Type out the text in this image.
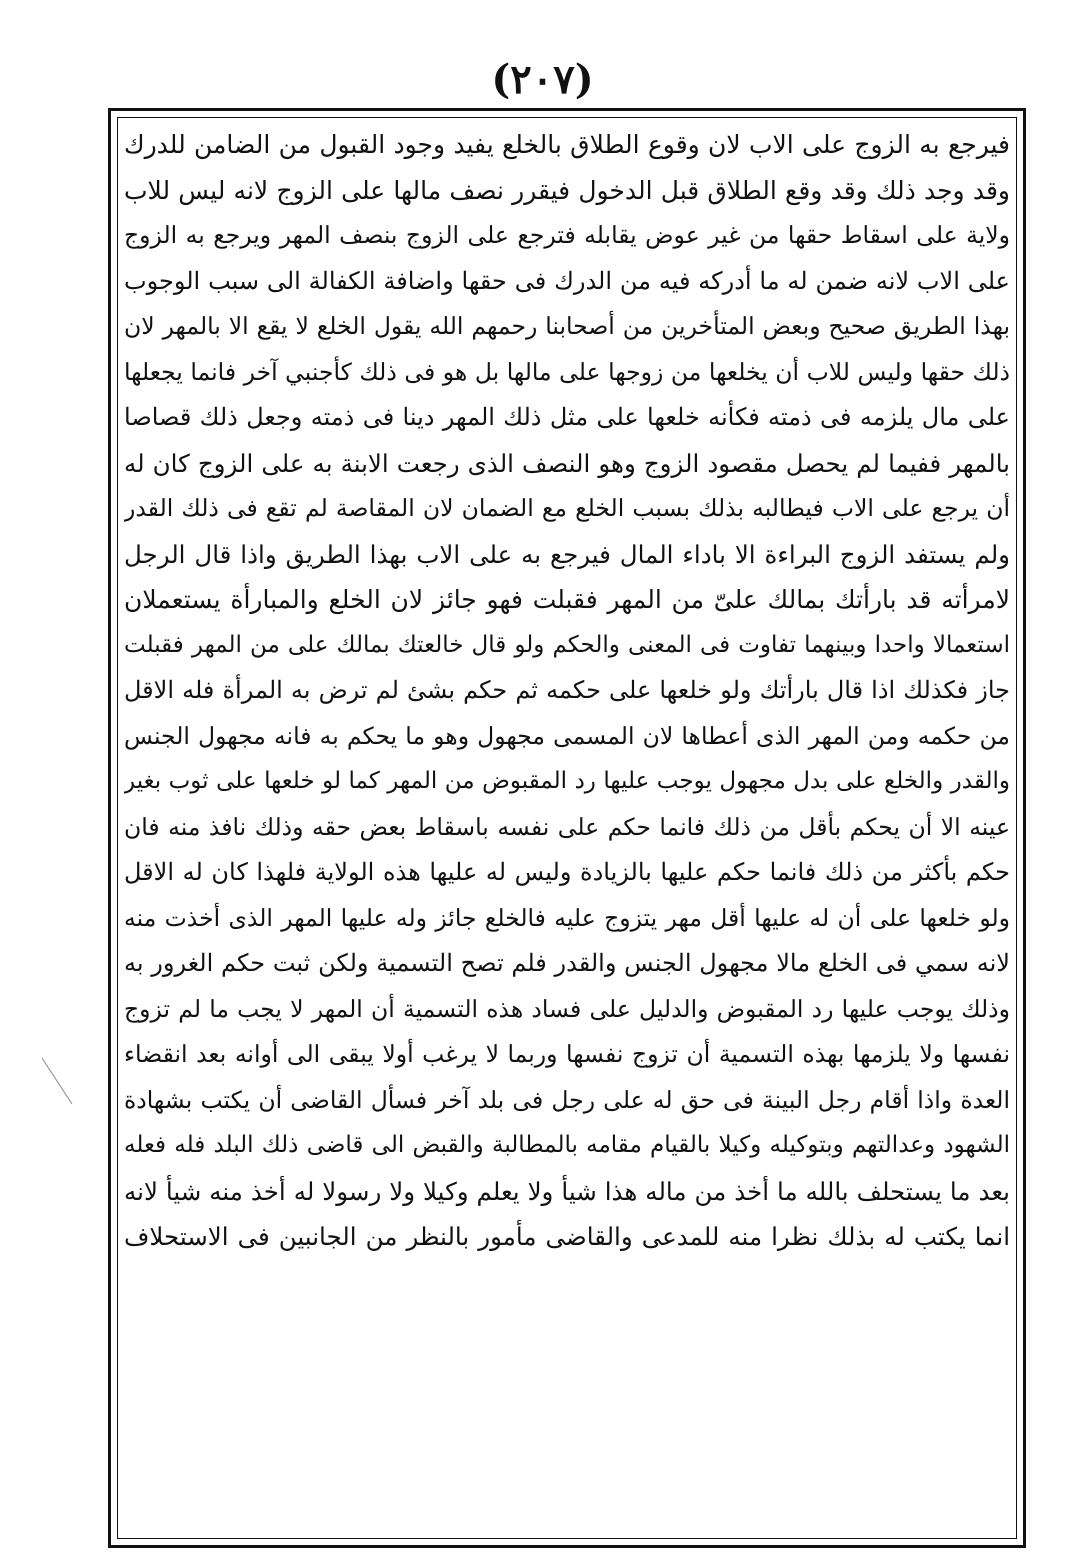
(٢٠٧)
فيرجع به الزوج على الاب لان وقوع الطلاق بالخلع يفيد وجود القبول من الضامن للدرك
وقد وجد ذلك وقد وقع الطلاق قبل الدخول فيقرر نصف مالها على الزوج لانه ليس للاب
ولاية على اسقاط حقها من غير عوض يقابله فترجع على الزوج بنصف المهر ويرجع به الزوج
على الاب لانه ضمن له ما أدركه فيه من الدرك فى حقها واضافة الكفالة الى سبب الوجوب
بهذا الطريق صحيح وبعض المتأخرين من أصحابنا رحمهم الله يقول الخلع لا يقع الا بالمهر لان
ذلك حقها وليس للاب أن يخلعها من زوجها على مالها بل هو فى ذلك كأجنبي آخر فانما يجعلها
على مال يلزمه فى ذمته فكأنه خلعها على مثل ذلك المهر دينا فى ذمته وجعل ذلك قصاصا
بالمهر ففيما لم يحصل مقصود الزوج وهو النصف الذى رجعت الابنة به على الزوج كان له
أن يرجع على الاب فيطالبه بذلك بسبب الخلع مع الضمان لان المقاصة لم تقع فى ذلك القدر
ولم يستفد الزوج البراءة الا باداء المال فيرجع به على الاب بهذا الطريق واذا قال الرجل
لامرأته قد بارأتك بمالك علىّ من المهر فقبلت فهو جائز لان الخلع والمبارأة يستعملان
استعمالا واحدا وبينهما تفاوت فى المعنى والحكم ولو قال خالعتك بمالك على من المهر فقبلت
جاز فكذلك اذا قال بارأتك ولو خلعها على حكمه ثم حكم بشئ لم ترض به المرأة فله الاقل
من حكمه ومن المهر الذى أعطاها لان المسمى مجهول وهو ما يحكم به فانه مجهول الجنس
والقدر والخلع على بدل مجهول يوجب عليها رد المقبوض من المهر كما لو خلعها على ثوب بغير
عينه الا أن يحكم بأقل من ذلك فانما حكم على نفسه باسقاط بعض حقه وذلك نافذ منه فان
حكم بأكثر من ذلك فانما حكم عليها بالزيادة وليس له عليها هذه الولاية فلهذا كان له الاقل
ولو خلعها على أن له عليها أقل مهر يتزوج عليه فالخلع جائز وله عليها المهر الذى أخذت منه
لانه سمي فى الخلع مالا مجهول الجنس والقدر فلم تصح التسمية ولكن ثبت حكم الغرور به
وذلك يوجب عليها رد المقبوض والدليل على فساد هذه التسمية أن المهر لا يجب ما لم تزوج
نفسها ولا يلزمها بهذه التسمية أن تزوج نفسها وربما لا يرغب أولا يبقى الى أوانه بعد انقضاء
العدة واذا أقام رجل البينة فى حق له على رجل فى بلد آخر فسأل القاضى أن يكتب بشهادة
الشهود وعدالتهم وبتوكيله وكيلا بالقيام مقامه بالمطالبة والقبض الى قاضى ذلك البلد فله فعله
بعد ما يستحلف بالله ما أخذ من ماله هذا شيأ ولا يعلم وكيلا ولا رسولا له أخذ منه شيأ لانه
انما يكتب له بذلك نظرا منه للمدعى والقاضى مأمور بالنظر من الجانبين فى الاستحلاف
